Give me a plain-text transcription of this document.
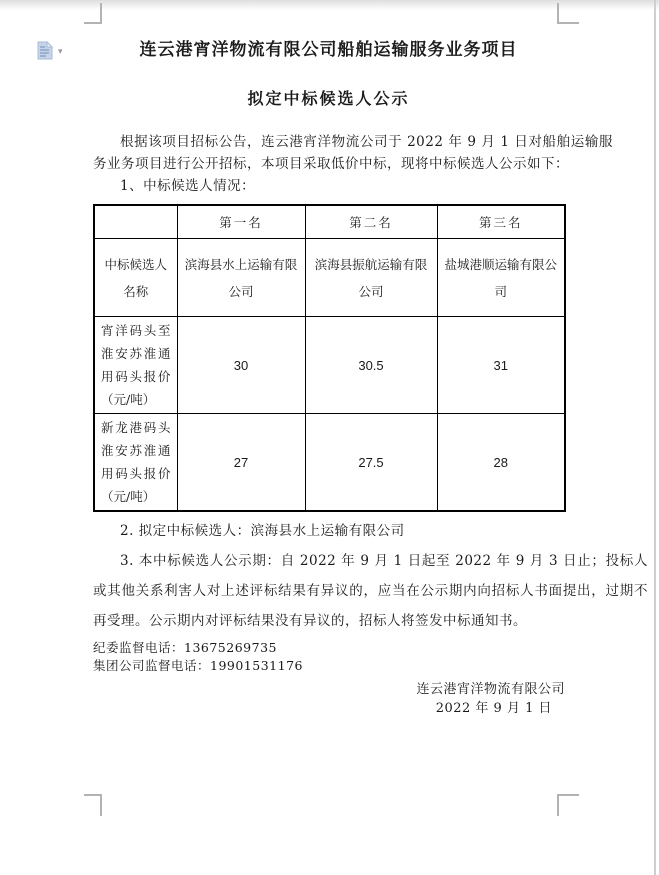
▾	连云港宵洋物流有限公司船舶运输服务业务项目
拟定中标候选人公示

根据该项目招标公告，连云港宵洋物流公司于 2022 年 9 月 1 日对船舶运输服务业务项目进行公开招标，本项目采取低价中标，现将中标候选人公示如下：

1、中标候选人情况：

	第一名	第二名	第三名
中标候选人名称	滨海县水上运输有限公司	滨海县振航运输有限公司	盐城港顺运输有限公司
宵洋码头至淮安苏淮通用码头报价（元/吨）	30	30.5	31
新龙港码头淮安苏淮通用码头报价（元/吨）	27	27.5	28

2. 拟定中标候选人：滨海县水上运输有限公司

3. 本中标候选人公示期：自 2022 年 9 月 1 日起至 2022 年 9 月 3 日止；投标人或其他关系利害人对上述评标结果有异议的，应当在公示期内向招标人书面提出，过期不再受理。公示期内对评标结果没有异议的，招标人将签发中标通知书。

纪委监督电话：13675269735

集团公司监督电话：19901531176

连云港宵洋物流有限公司
2022 年 9 月 1 日
